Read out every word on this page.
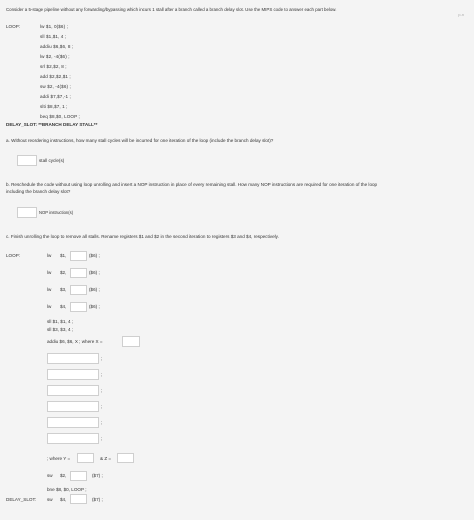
p-n
Consider a 5-stage pipeline without any forwarding/bypassing which incurs 1 stall after a branch called a branch delay slot. Use the MIPS code to answer each part below.
LOOP:	lw $1, 0($6) ;
sll $1,$1, 4 ;
addiu $6,$6, 8 ;
lw $2, -4($6) ;
srl $2,$2, 8 ;
add $2,$2,$1 ;
sw $2, -4($6) ;
addi $7,$7,-1 ;
slti $8,$7, 1 ;
beq $8,$0, LOOP ;
DELAY_SLOT: **BRANCH DELAY STALL**
a. Without reordering instructions, how many stall cycles will be incurred for one iteration of the loop (include the branch delay slot)?
stall cycle(s)
b. Reschedule the code without using loop unrolling and insert a NOP instruction in place of every remaining stall. How many NOP instructions are required for one iteration of the loop
including the branch delay slot?
NOP instruction(s)
c. Finish unrolling the loop to remove all stalls. Rename registers $1 and $2 in the second iteration to registers $3 and $4, respectively.
LOOP:	lw $1,	($6) ;
lw $2,	($6) ;
lw $3,	($6) ;
lw $4,	($6) ;
sll $1, $1, 4 ;
sll $3, $3, 4 ;
addiu $6, $6, X ; where X =
;
;
;
;
;
;
; where Y =	& Z =
sw $2,	($7) ;
bne $8, $0, LOOP ;
DELAY_SLOT: sw $4,	($7) ;
